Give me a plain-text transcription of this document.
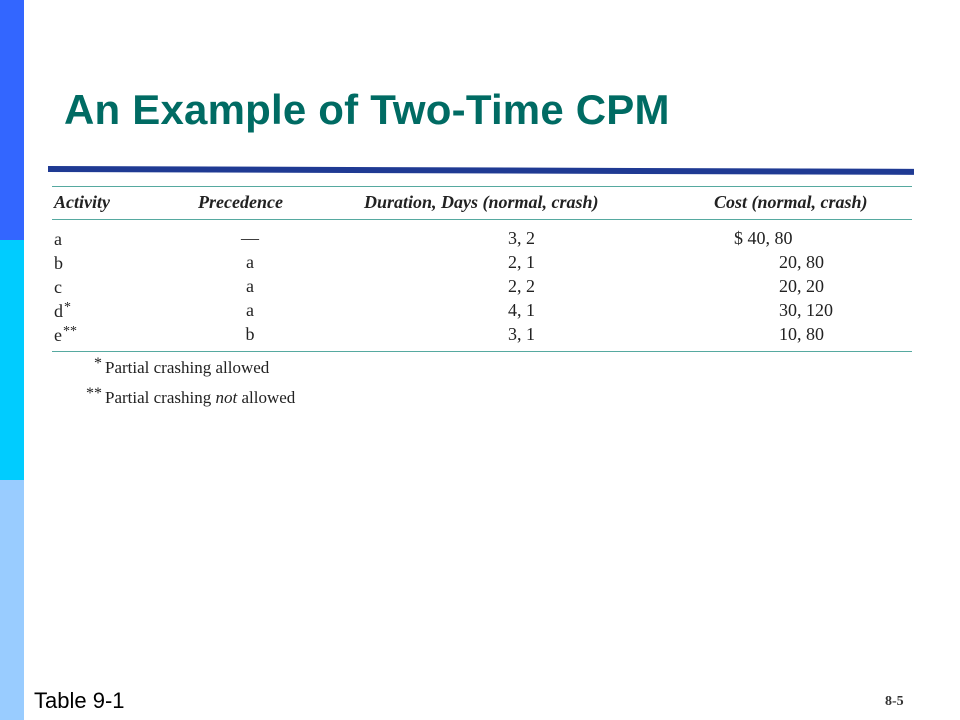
An Example of Two-Time CPM
Activity	Precedence	Duration, Days (normal, crash)	Cost (normal, crash)
a	—	3, 2	$ 40, 80
b	a	2, 1	20, 80
c	a	2, 2	20, 20
d*	a	4, 1	30, 120
e**	b	3, 1	10, 80
* Partial crashing allowed
** Partial crashing not allowed

Table 9-1	8-5
